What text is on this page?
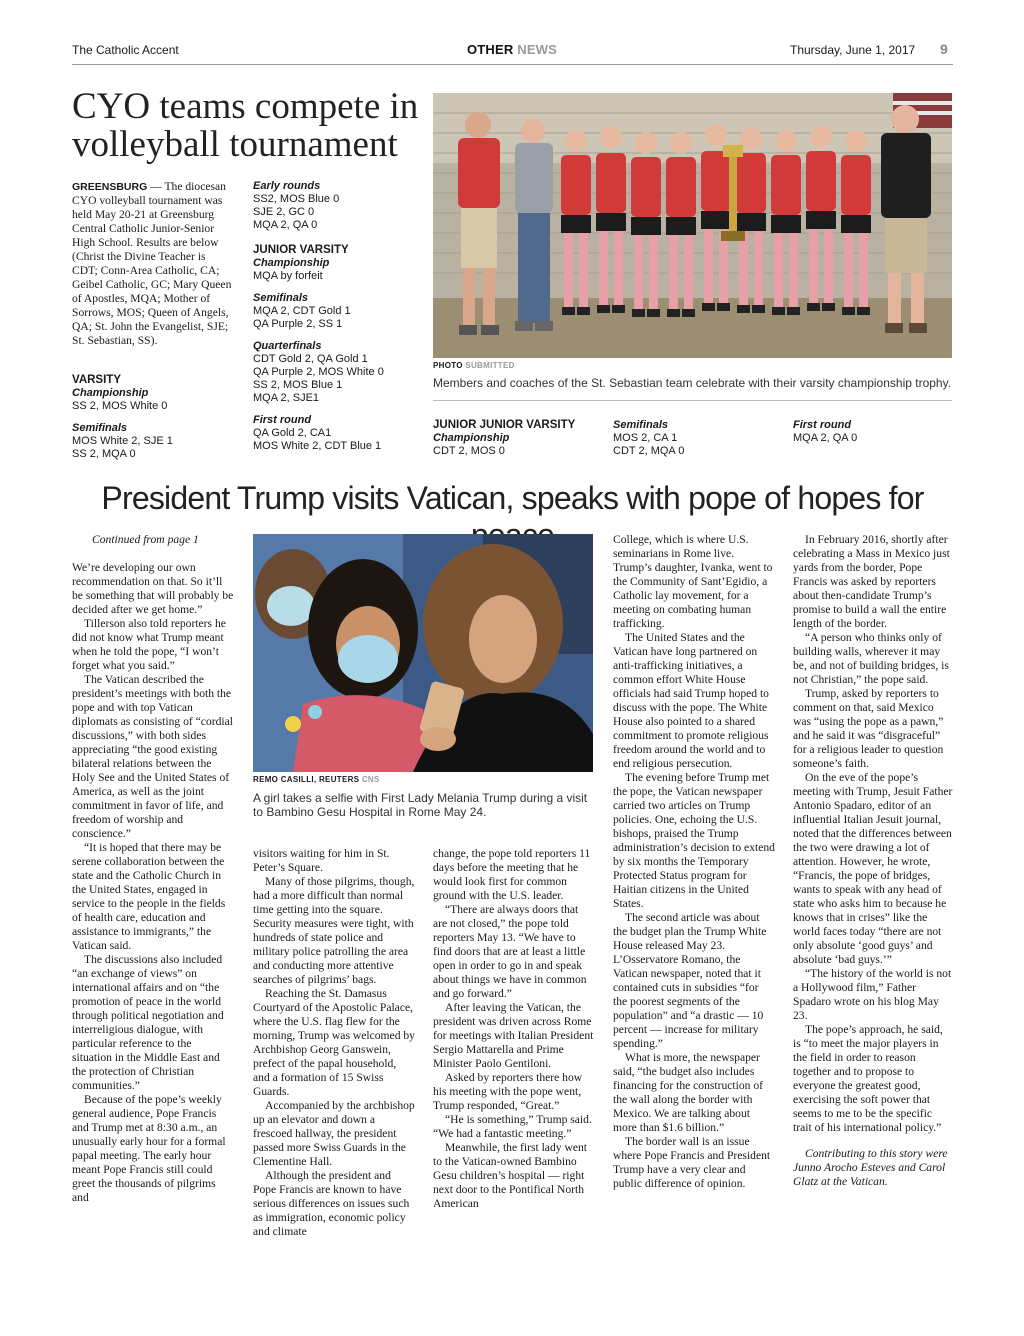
The Catholic Accent	OTHER NEWS	Thursday, June 1, 2017 9
CYO teams compete in volleyball tournament
GREENSBURG — The diocesan CYO volleyball tournament was held May 20-21 at Greensburg Central Catholic Junior-Senior High School. Results are below (Christ the Divine Teacher is CDT; Conn-Area Catholic, CA; Geibel Catholic, GC; Mary Queen of Apostles, MQA; Mother of Sorrows, MOS; Queen of Angels, QA; St. John the Evangelist, SJE; St. Sebastian, SS).
VARSITY
Championship
SS 2, MOS White 0
Semifinals
MOS White 2, SJE 1
SS 2, MQA 0
Early rounds
SS2, MOS Blue 0
SJE 2, GC 0
MQA 2, QA 0
JUNIOR VARSITY
Championship
MQA by forfeit
Semifinals
MQA 2, CDT Gold 1
QA Purple 2, SS 1
Quarterfinals
CDT Gold 2, QA Gold 1
QA Purple 2, MOS White 0
SS 2, MOS Blue 1
MQA 2, SJE1
First round
QA Gold 2, CA1
MOS White 2, CDT Blue 1
PHOTO SUBMITTED
Members and coaches of the St. Sebastian team celebrate with their varsity championship trophy.
JUNIOR JUNIOR VARSITY
Championship
CDT 2, MOS 0
Semifinals
MOS 2, CA 1
CDT 2, MQA 0
First round
MQA 2, QA 0
President Trump visits Vatican, speaks with pope of hopes for
Continued from page 1

We’re developing our own recommendation on that. So it’ll be something that will probably be decided after we get home.”

Tillerson also told reporters he did not know what Trump meant when he told the pope, “I won’t forget what you said.”

The Vatican described the president’s meetings with both the pope and with top Vatican diplomats as consisting of “cordial discussions,” with both sides appreciating “the good existing bilateral relations between the Holy See and the United States of America, as well as the joint commitment in favor of life, and freedom of worship and conscience.”

“It is hoped that there may be serene collaboration between the state and the Catholic Church in the United States, engaged in service to the people in the fields of health care, education and assistance to immigrants,” the Vatican said.

The discussions also included “an exchange of views” on international affairs and on “the promotion of peace in the world through political negotiation and interreligious dialogue, with particular reference to the situation in the Middle East and the protection of Christian communities.”

Because of the pope’s weekly general audience, Pope Francis and Trump met at 8:30 a.m., an unusually early hour for a formal papal meeting. The early hour meant Pope Francis still could greet the thousands of pilgrims and

REMO CASILLI, REUTERS CNS
A girl takes a selfie with First Lady Melania Trump during a visit to Bambino Gesu Hospital in Rome May 24.

visitors waiting for him in St. Peter’s Square.

Many of those pilgrims, though, had a more difficult than normal time getting into the square. Security measures were tight, with hundreds of state police and military police patrolling the area and conducting more attentive searches of pilgrims’ bags.

Reaching the St. Damasus Courtyard of the Apostolic Palace, where the U.S. flag flew for the morning, Trump was welcomed by Archbishop Georg Ganswein, prefect of the papal household, and a formation of 15 Swiss Guards.

Accompanied by the archbishop up an elevator and down a frescoed hallway, the president passed more Swiss Guards in the Clementine Hall.

Although the president and Pope Francis are known to have serious differences on issues such as immigration, economic policy and climate

change, the pope told reporters 11 days before the meeting that he would look first for common ground with the U.S. leader.

“There are always doors that are not closed,” the pope told reporters May 13. “We have to find doors that are at least a little open in order to go in and speak about things we have in common and go forward.”

After leaving the Vatican, the president was driven across Rome for meetings with Italian President Sergio Mattarella and Prime Minister Paolo Gentiloni.

Asked by reporters there how his meeting with the pope went, Trump responded, “Great.”

“He is something,” Trump said. “We had a fantastic meeting.”

Meanwhile, the first lady went to the Vatican-owned Bambino Gesu children’s hospital — right next door to the Pontifical North American

College, which is where U.S. seminarians in Rome live. Trump’s daughter, Ivanka, went to the Community of Sant’Egidio, a Catholic lay movement, for a meeting on combating human trafficking.

The United States and the Vatican have long partnered on anti-trafficking initiatives, a common effort White House officials had said Trump hoped to discuss with the pope. The White House also pointed to a shared commitment to promote religious freedom around the world and to end religious persecution.

The evening before Trump met the pope, the Vatican newspaper carried two articles on Trump policies. One, echoing the U.S. bishops, praised the Trump administration’s decision to extend by six months the Temporary Protected Status program for Haitian citizens in the United States.

The second article was about the budget plan the Trump White House released May 23. L’Osservatore Romano, the Vatican newspaper, noted that it contained cuts in subsidies “for the poorest segments of the population” and “a drastic — 10 percent — increase for military spending.”

What is more, the newspaper said, “the budget also includes financing for the construction of the wall along the border with Mexico. We are talking about more than $1.6 billion.”

The border wall is an issue where Pope Francis and President Trump have a very clear and public difference of opinion.

In February 2016, shortly after celebrating a Mass in Mexico just yards from the border, Pope Francis was asked by reporters about then-candidate Trump’s promise to build a wall the entire length of the border.

“A person who thinks only of building walls, wherever it may be, and not of building bridges, is not Christian,” the pope said.

Trump, asked by reporters to comment on that, said Mexico was “using the pope as a pawn,” and he said it was “disgraceful” for a religious leader to question someone’s faith.

On the eve of the pope’s meeting with Trump, Jesuit Father Antonio Spadaro, editor of an influential Italian Jesuit journal, noted that the differences between the two were drawing a lot of attention. However, he wrote, “Francis, the pope of bridges, wants to speak with any head of state who asks him to because he knows that in crises” like the world faces today “there are not only absolute ‘good guys’ and absolute ‘bad guys.’”

“The history of the world is not a Hollywood film,” Father Spadaro wrote on his blog May 23.

The pope’s approach, he said, is “to meet the major players in the field in order to reason together and to propose to everyone the greatest good, exercising the soft power that seems to me to be the specific trait of his international policy.”

Contributing to this story were Junno Arocho Esteves and Carol Glatz at the Vatican.
